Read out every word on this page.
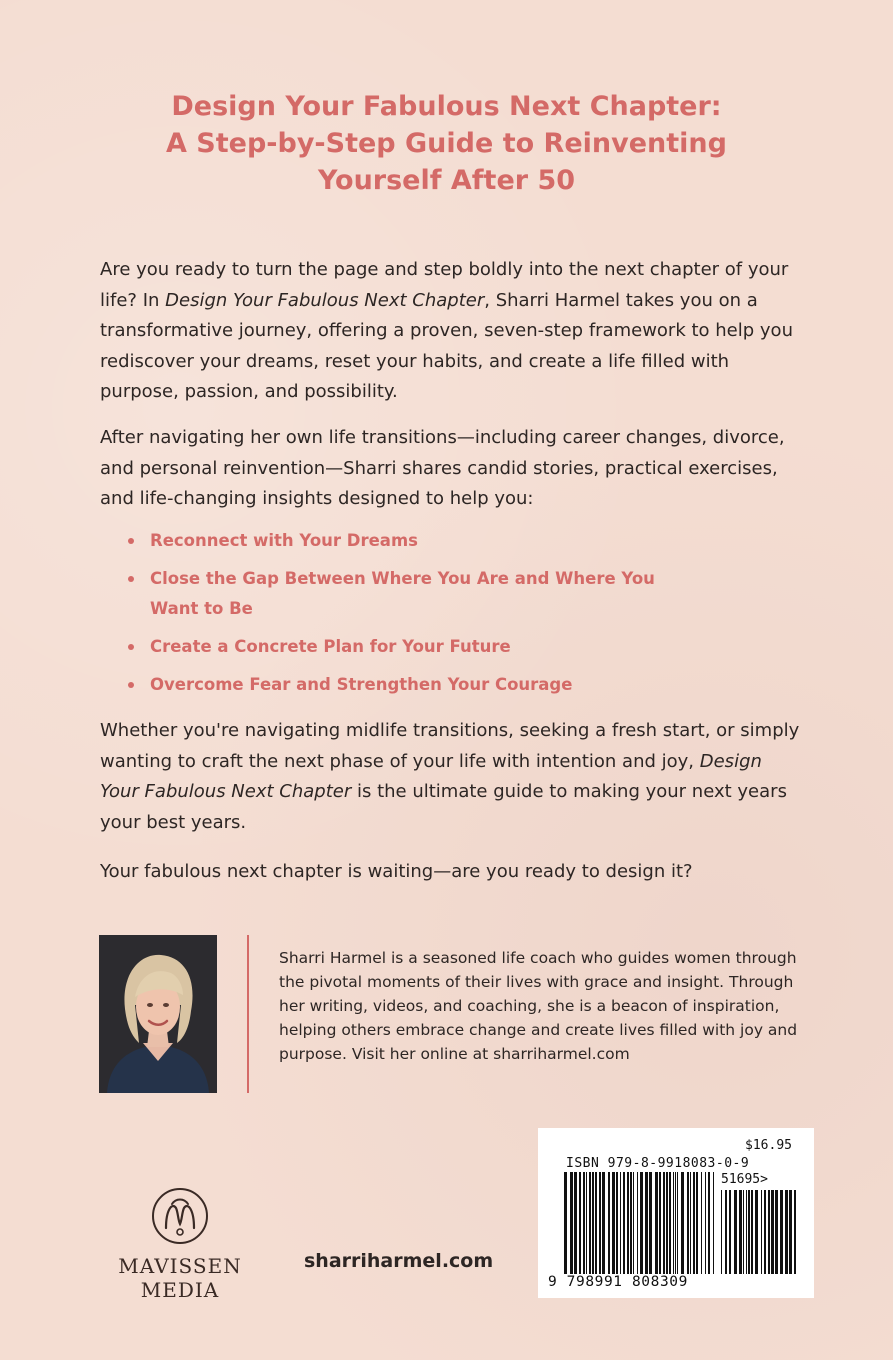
Design Your Fabulous Next Chapter:
A Step-by-Step Guide to Reinventing
Yourself After 50

Are you ready to turn the page and step boldly into the next chapter of your life? In Design Your Fabulous Next Chapter, Sharri Harmel takes you on a transformative journey, offering a proven, seven-step framework to help you rediscover your dreams, reset your habits, and create a life filled with purpose, passion, and possibility.

After navigating her own life transitions—including career changes, divorce, and personal reinvention—Sharri shares candid stories, practical exercises, and life-changing insights designed to help you:

Reconnect with Your Dreams
Close the Gap Between Where You Are and Where You Want to Be
Create a Concrete Plan for Your Future
Overcome Fear and Strengthen Your Courage

Whether you're navigating midlife transitions, seeking a fresh start, or simply wanting to craft the next phase of your life with intention and joy, Design Your Fabulous Next Chapter is the ultimate guide to making your next years your best years.

Your fabulous next chapter is waiting—are you ready to design it?

Sharri Harmel is a seasoned life coach who guides women through the pivotal moments of their lives with grace and insight. Through her writing, videos, and coaching, she is a beacon of inspiration, helping others embrace change and create lives filled with joy and purpose. Visit her online at sharriharmel.com

MAVISSEN MEDIA
sharriharmel.com
$16.95
ISBN 979-8-9918083-0-9
51695>
9 798991 808309
